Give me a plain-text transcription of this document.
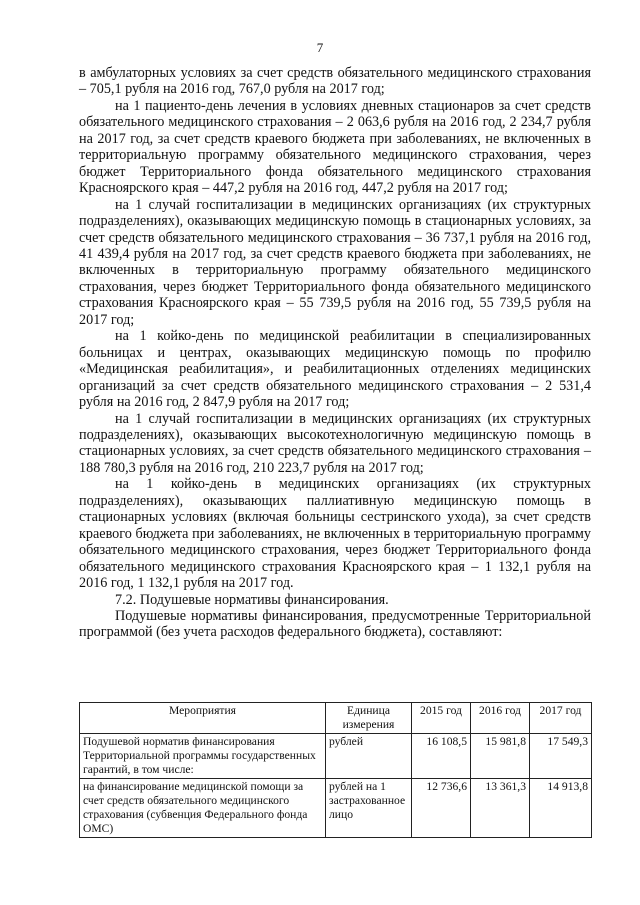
7

в амбулаторных условиях за счет средств обязательного медицинского страхования – 705,1 рубля на 2016 год, 767,0 рубля на 2017 год;

на 1 пациенто-день лечения в условиях дневных стационаров за счет средств обязательного медицинского страхования – 2 063,6 рубля на 2016 год, 2 234,7 рубля на 2017 год, за счет средств краевого бюджета при заболеваниях, не включенных в территориальную программу обязательного медицинского страхования, через бюджет Территориального фонда обязательного медицинского страхования Красноярского края – 447,2 рубля на 2016 год, 447,2 рубля на 2017 год;

на 1 случай госпитализации в медицинских организациях (их структурных подразделениях), оказывающих медицинскую помощь в стационарных условиях, за счет средств обязательного медицинского страхования – 36 737,1 рубля на 2016 год, 41 439,4 рубля на 2017 год, за счет средств краевого бюджета при заболеваниях, не включенных в территориальную программу обязательного медицинского страхования, через бюджет Территориального фонда обязательного медицинского страхования Красноярского края – 55 739,5 рубля на 2016 год, 55 739,5 рубля на 2017 год;

на 1 койко-день по медицинской реабилитации в специализированных больницах и центрах, оказывающих медицинскую помощь по профилю «Медицинская реабилитация», и реабилитационных отделениях медицинских организаций за счет средств обязательного медицинского страхования – 2 531,4 рубля на 2016 год, 2 847,9 рубля на 2017 год;

на 1 случай госпитализации в медицинских организациях (их структурных подразделениях), оказывающих высокотехнологичную медицинскую помощь в стационарных условиях, за счет средств обязательного медицинского страхования – 188 780,3 рубля на 2016 год, 210 223,7 рубля на 2017 год;

на 1 койко-день в медицинских организациях (их структурных подразделениях), оказывающих паллиативную медицинскую помощь в стационарных условиях (включая больницы сестринского ухода), за счет средств краевого бюджета при заболеваниях, не включенных в территориальную программу обязательного медицинского страхования, через бюджет Территориального фонда обязательного медицинского страхования Красноярского края – 1 132,1 рубля на 2016 год, 1 132,1 рубля на 2017 год.

7.2. Подушевые нормативы финансирования.

Подушевые нормативы финансирования, предусмотренные Территориальной программой (без учета расходов федерального бюджета), составляют:

Мероприятия	Единица измерения	2015 год	2016 год	2017 год
Подушевой норматив финансирования Территориальной программы государственных гарантий, в том числе:	рублей	16 108,5	15 981,8	17 549,3
на финансирование медицинской помощи за счет средств обязательного медицинского страхования (субвенция Федерального фонда ОМС)	рублей на 1 застрахованное лицо	12 736,6	13 361,3	14 913,8
